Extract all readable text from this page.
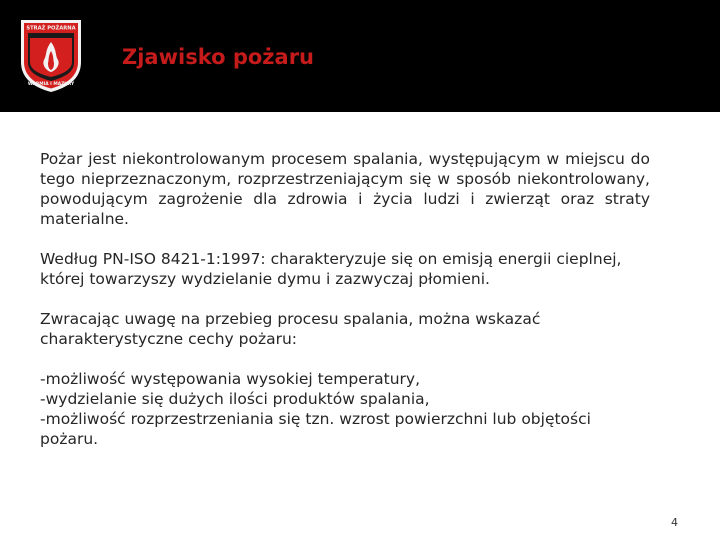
STRAŻ POŻARNA
WARMIA I MAZURY
Zjawisko pożaru

Pożar jest niekontrolowanym procesem spalania, występującym w miejscu do tego nieprzeznaczonym, rozprzestrzeniającym się w sposób niekontrolowany, powodującym zagrożenie dla zdrowia i życia ludzi i zwierząt oraz straty materialne.

Według PN-ISO 8421-1:1997: charakteryzuje się on emisją energii cieplnej, której towarzyszy wydzielanie dymu i zazwyczaj płomieni.

Zwracając uwagę na przebieg procesu spalania, można wskazać charakterystyczne cechy pożaru:

-możliwość występowania wysokiej temperatury,
-wydzielanie się dużych ilości produktów spalania,
-możliwość rozprzestrzeniania się tzn. wzrost powierzchni lub objętości pożaru.

4
